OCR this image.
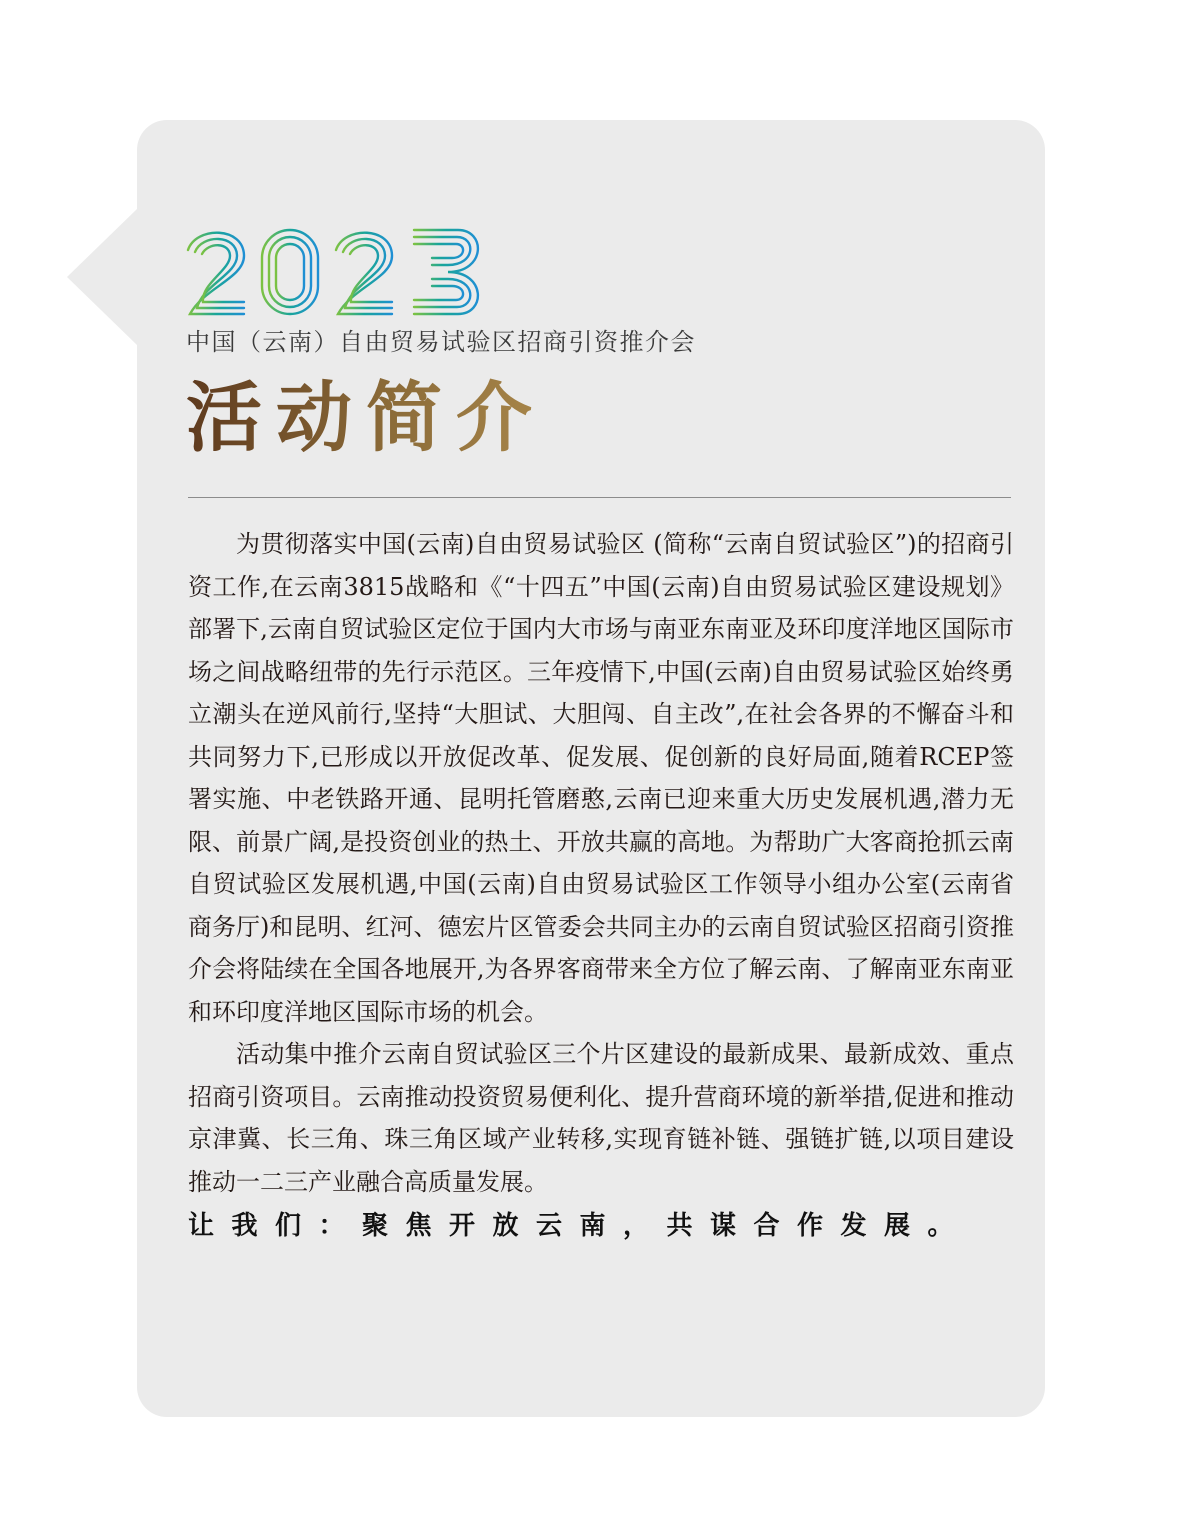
中国（云南）自由贸易试验区招商引资推介会
活动简介

为贯彻落实中国(云南)自由贸易试验区 (简称“云南自贸试验区”)的招商引资工作,在云南3815战略和《“十四五”中国(云南)自由贸易试验区建设规划》部署下,云南自贸试验区定位于国内大市场与南亚东南亚及环印度洋地区国际市场之间战略纽带的先行示范区。三年疫情下,中国(云南)自由贸易试验区始终勇立潮头在逆风前行,坚持“大胆试、大胆闯、自主改”,在社会各界的不懈奋斗和共同努力下,已形成以开放促改革、促发展、促创新的良好局面,随着RCEP签署实施、中老铁路开通、昆明托管磨憨,云南已迎来重大历史发展机遇,潜力无限、前景广阔,是投资创业的热土、开放共赢的高地。为帮助广大客商抢抓云南自贸试验区发展机遇,中国(云南)自由贸易试验区工作领导小组办公室(云南省商务厅)和昆明、红河、德宏片区管委会共同主办的云南自贸试验区招商引资推介会将陆续在全国各地展开,为各界客商带来全方位了解云南、了解南亚东南亚和环印度洋地区国际市场的机会。

活动集中推介云南自贸试验区三个片区建设的最新成果、最新成效、重点招商引资项目。云南推动投资贸易便利化、提升营商环境的新举措,促进和推动京津冀、长三角、珠三角区域产业转移,实现育链补链、强链扩链,以项目建设推动一二三产业融合高质量发展。

让我们：聚焦开放云南，共谋合作发展。
